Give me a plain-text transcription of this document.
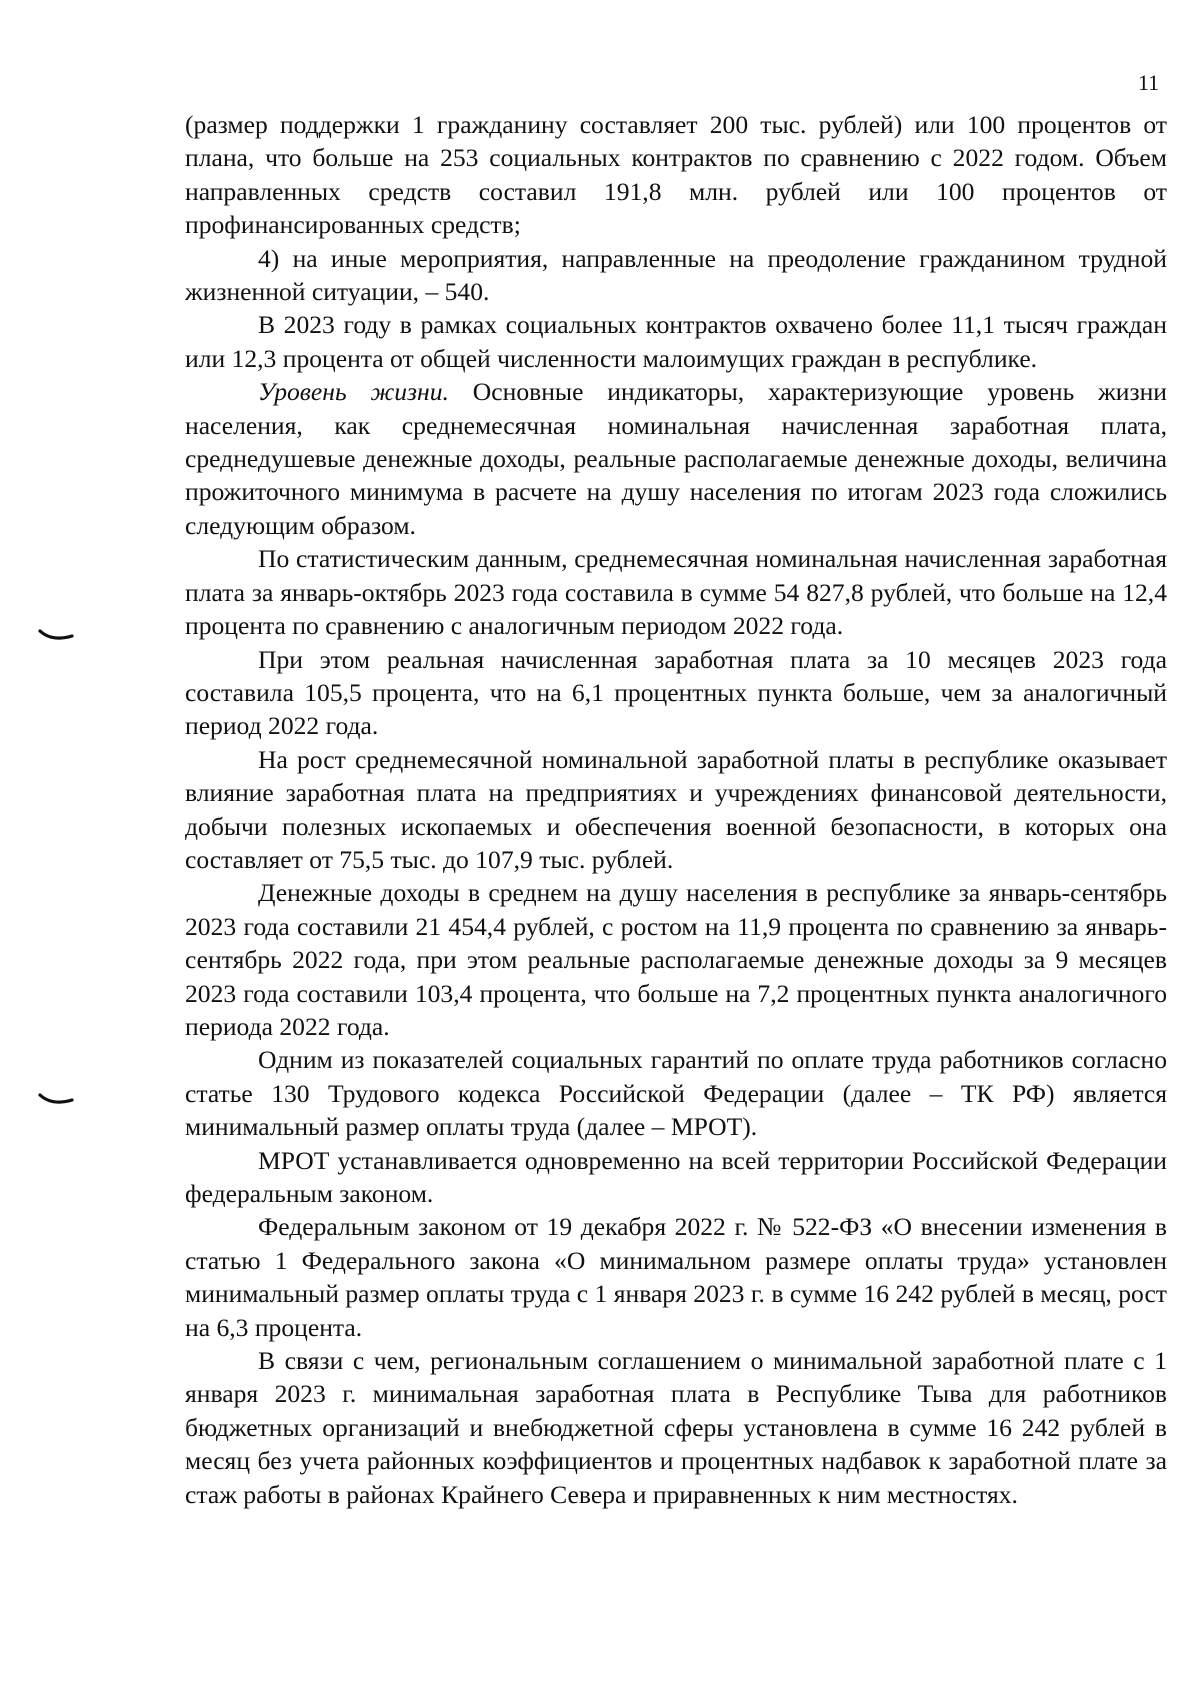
11

(размер поддержки 1 гражданину составляет 200 тыс. рублей) или 100 процентов от плана, что больше на 253 социальных контрактов по сравнению с 2022 годом. Объем направленных средств составил 191,8 млн. рублей или 100 процентов от профинансированных средств;

4) на иные мероприятия, направленные на преодоление гражданином трудной жизненной ситуации, – 540.

В 2023 году в рамках социальных контрактов охвачено более 11,1 тысяч граждан или 12,3 процента от общей численности малоимущих граждан в республике.

Уровень жизни. Основные индикаторы, характеризующие уровень жизни населения, как среднемесячная номинальная начисленная заработная плата, среднедушевые денежные доходы, реальные располагаемые денежные доходы, величина прожиточного минимума в расчете на душу населения по итогам 2023 года сложились следующим образом.

По статистическим данным, среднемесячная номинальная начисленная заработная плата за январь-октябрь 2023 года составила в сумме 54 827,8 рублей, что больше на 12,4 процента по сравнению с аналогичным периодом 2022 года.

При этом реальная начисленная заработная плата за 10 месяцев 2023 года составила 105,5 процента, что на 6,1 процентных пункта больше, чем за аналогичный период 2022 года.

На рост среднемесячной номинальной заработной платы в республике оказывает влияние заработная плата на предприятиях и учреждениях финансовой деятельности, добычи полезных ископаемых и обеспечения военной безопасности, в которых она составляет от 75,5 тыс. до 107,9 тыс. рублей.

Денежные доходы в среднем на душу населения в республике за январь-сентябрь 2023 года составили 21 454,4 рублей, с ростом на 11,9 процента по сравнению за январь-сентябрь 2022 года, при этом реальные располагаемые денежные доходы за 9 месяцев 2023 года составили 103,4 процента, что больше на 7,2 процентных пункта аналогичного периода 2022 года.

Одним из показателей социальных гарантий по оплате труда работников согласно статье 130 Трудового кодекса Российской Федерации (далее – ТК РФ) является минимальный размер оплаты труда (далее – МРОТ).

МРОТ устанавливается одновременно на всей территории Российской Федерации федеральным законом.

Федеральным законом от 19 декабря 2022 г. № 522-ФЗ «О внесении изменения в статью 1 Федерального закона «О минимальном размере оплаты труда» установлен минимальный размер оплаты труда с 1 января 2023 г. в сумме 16 242 рублей в месяц, рост на 6,3 процента.

В связи с чем, региональным соглашением о минимальной заработной плате с 1 января 2023 г. минимальная заработная плата в Республике Тыва для работников бюджетных организаций и внебюджетной сферы установлена в сумме 16 242 рублей в месяц без учета районных коэффициентов и процентных надбавок к заработной плате за стаж работы в районах Крайнего Севера и приравненных к ним местностях.
